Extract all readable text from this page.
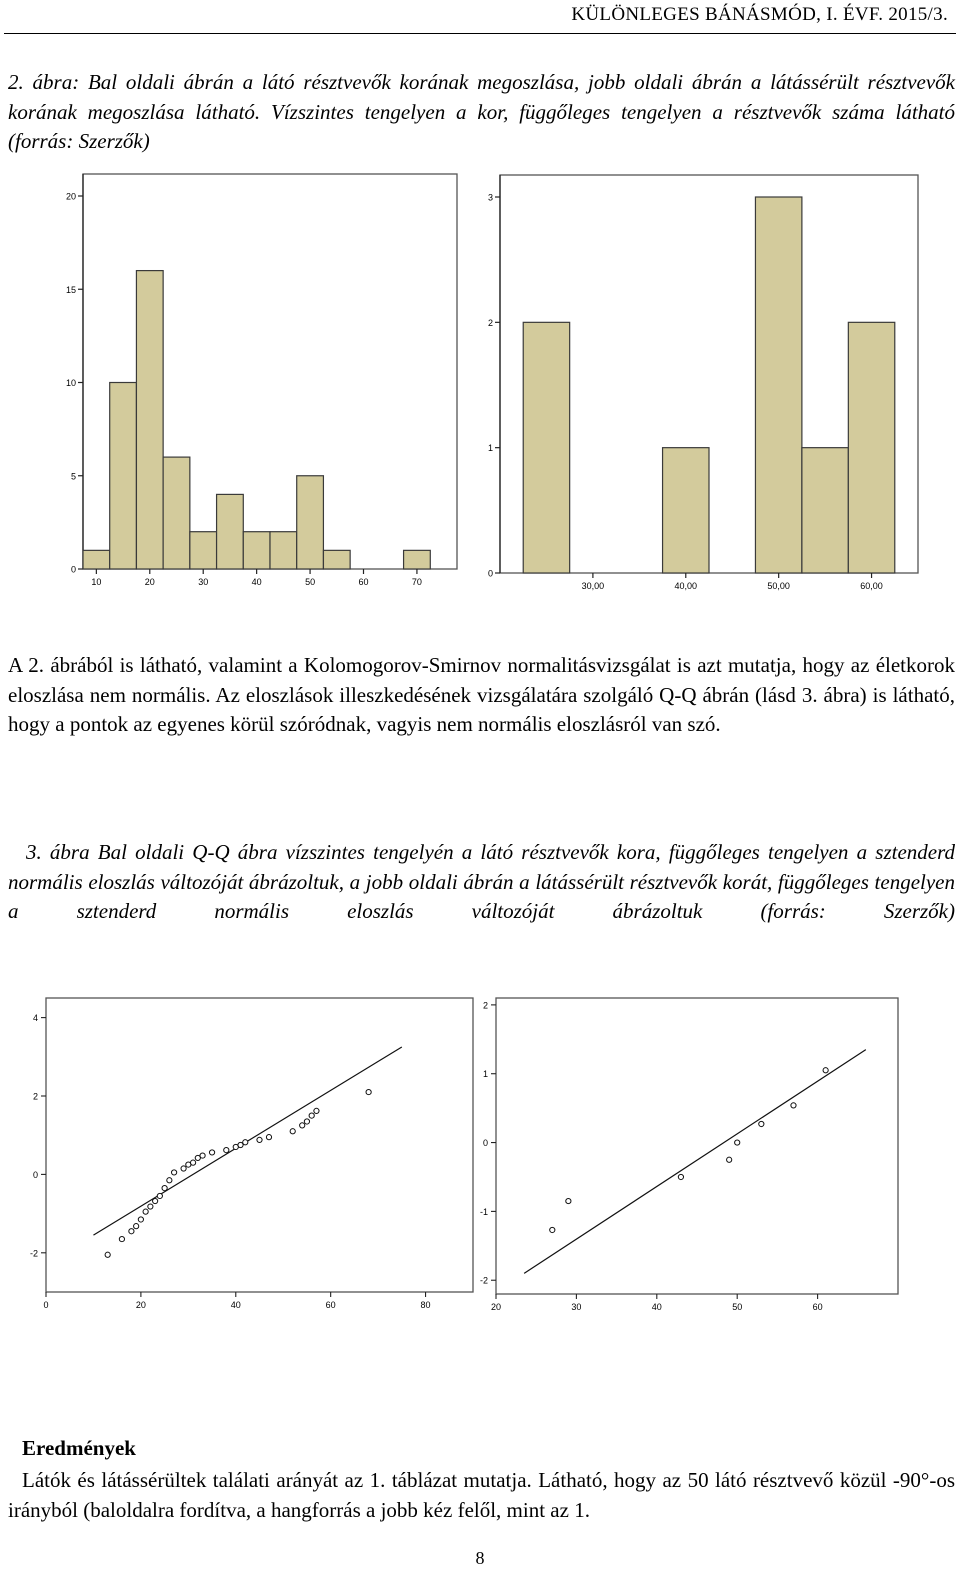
KÜLÖNLEGES BÁNÁSMÓD, I. ÉVF. 2015/3.

2. ábra: Bal oldali ábrán a látó résztvevők korának megoszlása, jobb oldali ábrán a látássérült résztvevők korának megoszlása látható. Vízszintes tengelyen a kor, függőleges tengelyen a résztvevők száma látható (forrás: Szerzők)

0
5
10
15
20
10	20	30	40	50	60	70
0
1
2
3
30,00	40,00	50,00	60,00

A 2. ábrából is látható, valamint a Kolomogorov-Smirnov normalitásvizsgálat is azt mutatja, hogy az életkorok eloszlása nem normális. Az eloszlások illeszkedésének vizsgálatára szolgáló Q-Q ábrán (lásd 3. ábra) is látható, hogy a pontok az egyenes körül szóródnak, vagyis nem normális eloszlásról van szó.

3. ábra Bal oldali Q-Q ábra vízszintes tengelyén a látó résztvevők kora, függőleges tengelyen a sztenderd normális eloszlás változóját ábrázoltuk, a jobb oldali ábrán a látássérült résztvevők korát, függőleges tengelyen a sztenderd normális eloszlás változóját ábrázoltuk (forrás: Szerzők)

-2
0
2
4
0	20	40	60	80
-2
-1
0
1
2
20	30	40	50	60
Eredmények

Látók és látássérültek találati arányát az 1. táblázat mutatja. Látható, hogy az 50 látó résztvevő közül -90°-os irányból (baloldalra fordítva, a hangforrás a jobb kéz felől, mint az 1.

8
